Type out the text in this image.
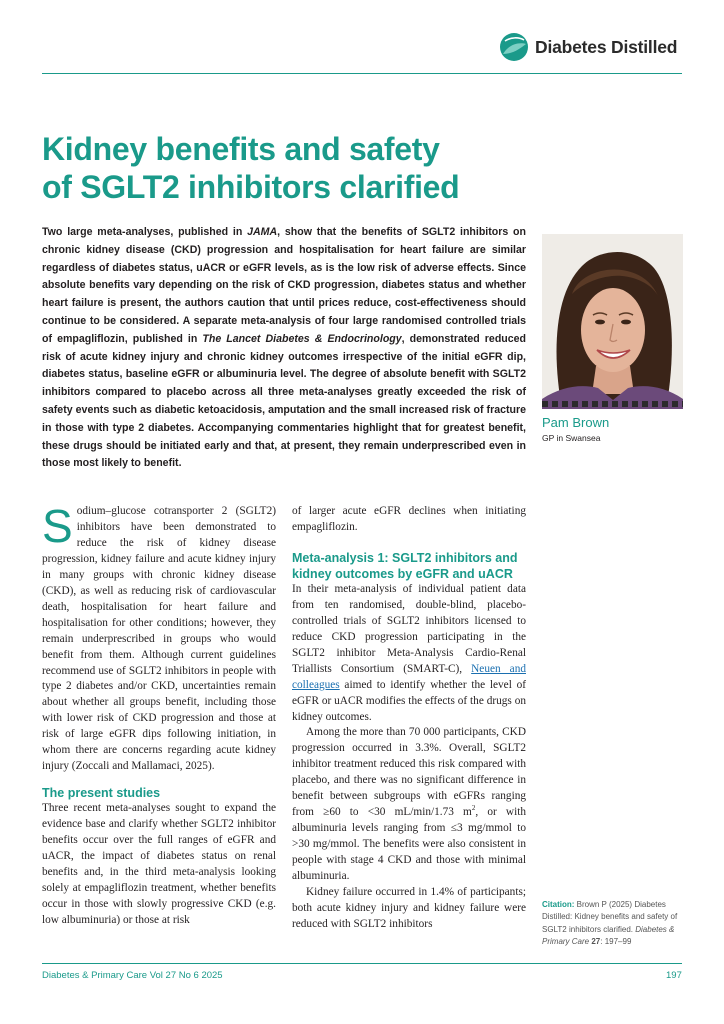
Diabetes Distilled
Kidney benefits and safety
of SGLT2 inhibitors clarified

Two large meta-analyses, published in JAMA, show that the benefits of SGLT2 inhibitors on chronic kidney disease (CKD) progression and hospitalisation for heart failure are similar regardless of diabetes status, uACR or eGFR levels, as is the low risk of adverse effects. Since absolute benefits vary depending on the risk of CKD progression, diabetes status and whether heart failure is present, the authors caution that until prices reduce, cost-effectiveness should continue to be considered. A separate meta-analysis of four large randomised controlled trials of empagliflozin, published in The Lancet Diabetes & Endocrinology, demonstrated reduced risk of acute kidney injury and chronic kidney outcomes irrespective of the initial eGFR dip, diabetes status, baseline eGFR or albuminuria level. The degree of absolute benefit with SGLT2 inhibitors compared to placebo across all three meta-analyses greatly exceeded the risk of safety events such as diabetic ketoacidosis, amputation and the small increased risk of fracture in those with type 2 diabetes. Accompanying commentaries highlight that for greatest benefit, these drugs should be initiated early and that, at present, they remain underprescribed even in those most likely to benefit.

Pam Brown
GP in Swansea

Sodium–glucose cotransporter 2 (SGLT2) inhibitors have been demonstrated to reduce the risk of kidney disease progression, kidney failure and acute kidney injury in many groups with chronic kidney disease (CKD), as well as reducing risk of cardiovascular death, hospitalisation for heart failure and hospitalisation for other conditions; however, they remain underprescribed in groups who would benefit from them. Although current guidelines recommend use of SGLT2 inhibitors in people with type 2 diabetes and/or CKD, uncertainties remain about whether all groups benefit, including those with lower risk of CKD progression and those at risk of large eGFR dips following initiation, in whom there are concerns regarding acute kidney injury (Zoccali and Mallamaci, 2025).

The present studies

Three recent meta-analyses sought to expand the evidence base and clarify whether SGLT2 inhibitor benefits occur over the full ranges of eGFR and uACR, the impact of diabetes status on renal benefits and, in the third meta-analysis looking solely at empagliflozin treatment, whether benefits occur in those with slowly progressive CKD (e.g. low albuminuria) or those at risk

of larger acute eGFR declines when initiating empagliflozin.

Meta-analysis 1: SGLT2 inhibitors and kidney outcomes by eGFR and uACR

In their meta-analysis of individual patient data from ten randomised, double-blind, placebo-controlled trials of SGLT2 inhibitors licensed to reduce CKD progression participating in the SGLT2 inhibitor Meta-Analysis Cardio-Renal Triallists Consortium (SMART-C), Neuen and colleagues aimed to identify whether the level of eGFR or uACR modifies the effects of the drugs on kidney outcomes.

Among the more than 70 000 participants, CKD progression occurred in 3.3%. Overall, SGLT2 inhibitor treatment reduced this risk compared with placebo, and there was no significant difference in benefit between subgroups with eGFRs ranging from ≥60 to <30 mL/min/1.73 $m^2$, or with albuminuria levels ranging from ≤3 mg/mmol to >30 mg/mmol. The benefits were also consistent in people with stage 4 CKD and those with minimal albuminuria.

Kidney failure occurred in 1.4% of participants; both acute kidney injury and kidney failure were reduced with SGLT2 inhibitors

Citation: Brown P (2025) Diabetes Distilled: Kidney benefits and safety of SGLT2 inhibitors clarified. Diabetes & Primary Care 27: 197–99

Diabetes & Primary Care Vol 27 No 6 2025	197
